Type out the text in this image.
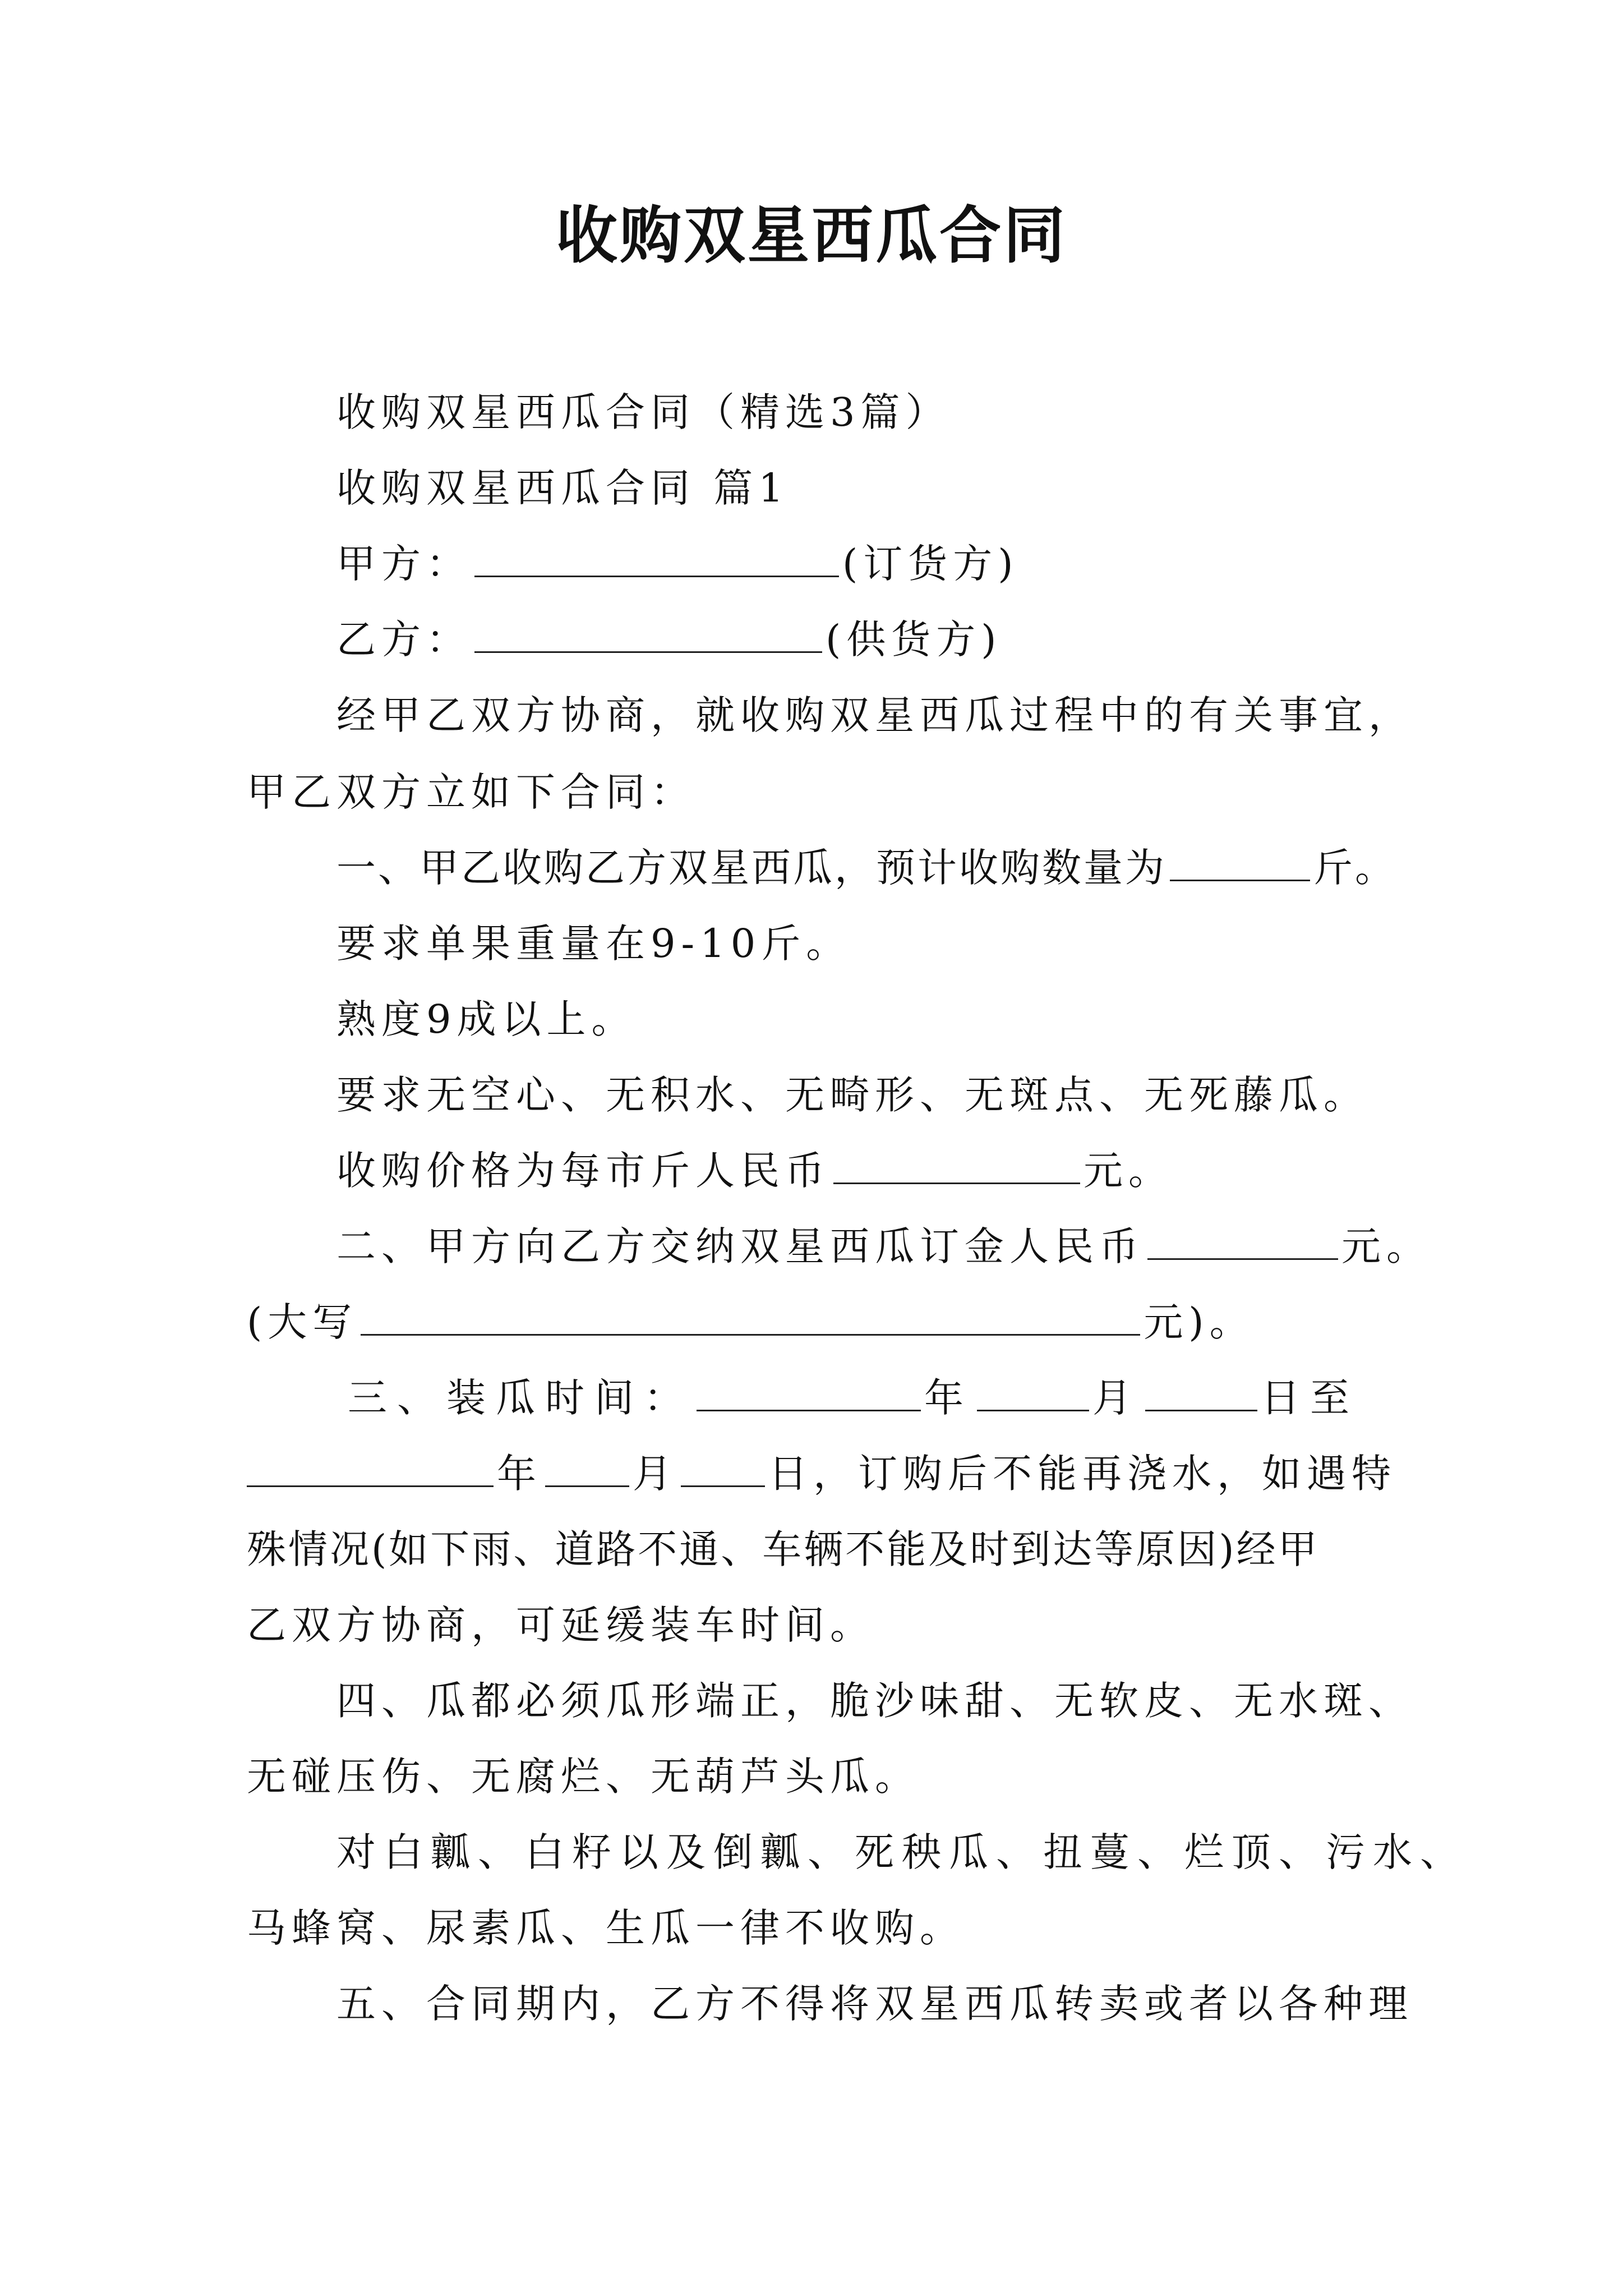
收购双星西瓜合同
收购双星西瓜合同（精选3篇）
收购双星西瓜合同 篇1
甲方：	(订货方)
乙方：	(供货方)
经甲乙双方协商，就收购双星西瓜过程中的有关事宜，
甲乙双方立如下合同：
一、甲乙收购乙方双星西瓜，预计收购数量为	斤。
要求单果重量在9-10斤。
熟度9成以上。
要求无空心、无积水、无畸形、无斑点、无死藤瓜。
收购价格为每市斤人民币	元。
二、甲方向乙方交纳双星西瓜订金人民币	元。
(大写	元)。
三、装瓜时间：	年	月	日至
年 月 日，订购后不能再浇水，如遇特
殊情况(如下雨、道路不通、车辆不能及时到达等原因)经甲
乙双方协商，可延缓装车时间。
四、瓜都必须瓜形端正，脆沙味甜、无软皮、无水斑、
无碰压伤、无腐烂、无葫芦头瓜。
对白瓤、白籽以及倒瓤、死秧瓜、扭蔓、烂顶、污水、
马蜂窝、尿素瓜、生瓜一律不收购。
五、合同期内，乙方不得将双星西瓜转卖或者以各种理
